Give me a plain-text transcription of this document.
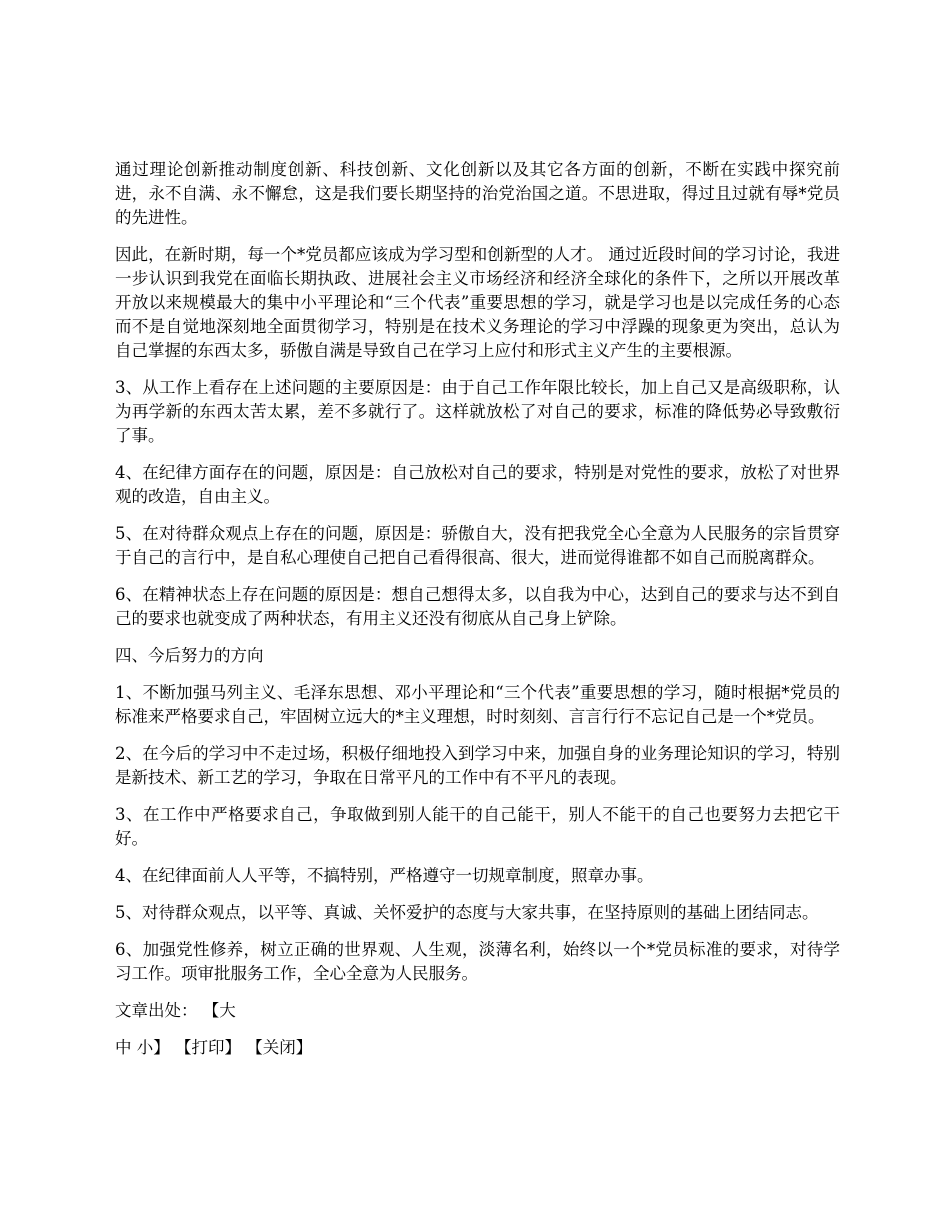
通过理论创新推动制度创新、科技创新、文化创新以及其它各方面的创新，不断在实践中探究前进，永不自满、永不懈怠，这是我们要长期坚持的治党治国之道。不思进取，得过且过就有辱*党员的先进性。

因此，在新时期，每一个*党员都应该成为学习型和创新型的人才。 通过近段时间的学习讨论，我进一步认识到我党在面临长期执政、进展社会主义市场经济和经济全球化的条件下，之所以开展改革开放以来规模最大的集中小平理论和“三个代表”重要思想的学习，就是学习也是以完成任务的心态而不是自觉地深刻地全面贯彻学习，特别是在技术义务理论的学习中浮躁的现象更为突出，总认为自己掌握的东西太多，骄傲自满是导致自己在学习上应付和形式主义产生的主要根源。

3、从工作上看存在上述问题的主要原因是：由于自己工作年限比较长，加上自己又是高级职称，认为再学新的东西太苦太累，差不多就行了。这样就放松了对自己的要求，标准的降低势必导致敷衍了事。

4、在纪律方面存在的问题，原因是：自己放松对自己的要求，特别是对党性的要求，放松了对世界观的改造，自由主义。

5、在对待群众观点上存在的问题，原因是：骄傲自大，没有把我党全心全意为人民服务的宗旨贯穿于自己的言行中，是自私心理使自己把自己看得很高、很大，进而觉得谁都不如自己而脱离群众。

6、在精神状态上存在问题的原因是：想自己想得太多，以自我为中心，达到自己的要求与达不到自己的要求也就变成了两种状态，有用主义还没有彻底从自己身上铲除。

四、今后努力的方向

1、不断加强马列主义、毛泽东思想、邓小平理论和“三个代表”重要思想的学习，随时根据*党员的标准来严格要求自己，牢固树立远大的*主义理想，时时刻刻、言言行行不忘记自己是一个*党员。

2、在今后的学习中不走过场，积极仔细地投入到学习中来，加强自身的业务理论知识的学习，特别是新技术、新工艺的学习，争取在日常平凡的工作中有不平凡的表现。

3、在工作中严格要求自己，争取做到别人能干的自己能干，别人不能干的自己也要努力去把它干好。

4、在纪律面前人人平等，不搞特别，严格遵守一切规章制度，照章办事。

5、对待群众观点，以平等、真诚、关怀爱护的态度与大家共事，在坚持原则的基础上团结同志。

6、加强党性修养，树立正确的世界观、人生观，淡薄名利，始终以一个*党员标准的要求，对待学习工作。项审批服务工作，全心全意为人民服务。

文章出处： 【大
中 小】 【打印】 【关闭】
